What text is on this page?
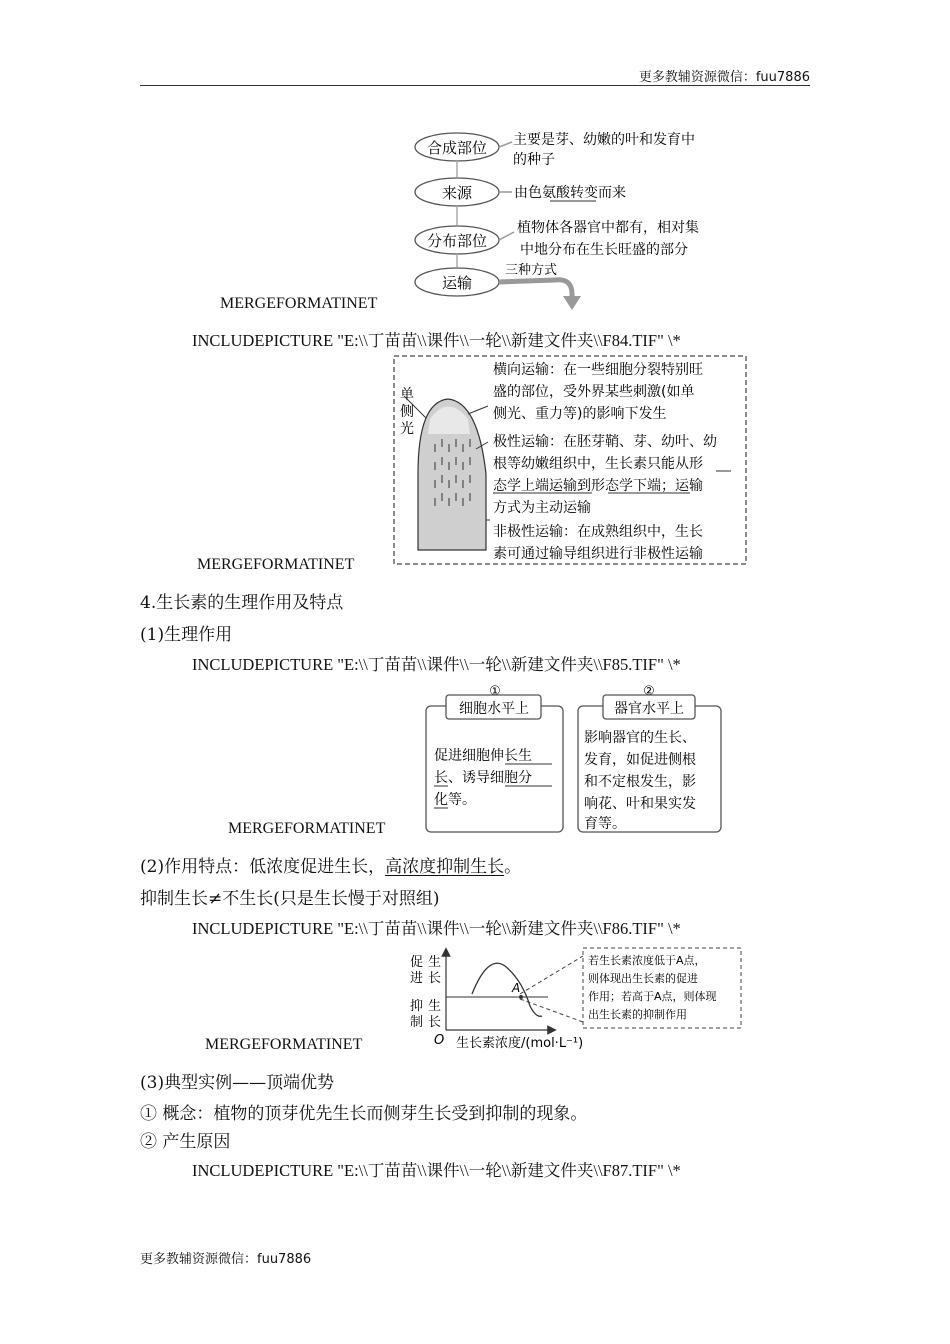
更多教辅资源微信：fuu7886
合成部位
来源
分布部位
运输
主要是芽、幼嫩的叶和发育中
的种子
由色氨酸转变而来
植物体各器官中都有，相对集
中地分布在生长旺盛的部分
三种方式
MERGEFORMATINET
INCLUDEPICTURE "E:\\丁苗苗\\课件\\一轮\\新建文件夹\\F84.TIF" \*
单
侧
光
横向运输：在一些细胞分裂特别旺
盛的部位，受外界某些刺激(如单
侧光、重力等)的影响下发生
极性运输：在胚芽鞘、芽、幼叶、幼
根等幼嫩组织中，生长素只能从形
态学上端运输到形态学下端；运输
方式为主动运输
非极性运输：在成熟组织中，生长
素可通过输导组织进行非极性运输
MERGEFORMATINET
4.生长素的生理作用及特点
(1)生理作用
INCLUDEPICTURE "E:\\丁苗苗\\课件\\一轮\\新建文件夹\\F85.TIF" \*
①
细胞水平上
促进细胞伸长生
长、诱导细胞分
化等。
②
器官水平上
影响器官的生长、
发育，如促进侧根
和不定根发生，影
响花、叶和果实发
育等。
MERGEFORMATINET
(2)作用特点：低浓度促进生长，高浓度抑制生长。
抑制生长≠不生长(只是生长慢于对照组)
INCLUDEPICTURE "E:\\丁苗苗\\课件\\一轮\\新建文件夹\\F86.TIF" \*
促
进
生
长
抑
制
生
长
A
O 生长素浓度/(mol·L⁻¹)
若生长素浓度低于A点，
则体现出生长素的促进
作用；若高于A点，则体现
出生长素的抑制作用
MERGEFORMATINET
(3)典型实例——顶端优势
① 概念：植物的顶芽优先生长而侧芽生长受到抑制的现象。
② 产生原因
INCLUDEPICTURE "E:\\丁苗苗\\课件\\一轮\\新建文件夹\\F87.TIF" \*
更多教辅资源微信：fuu7886
